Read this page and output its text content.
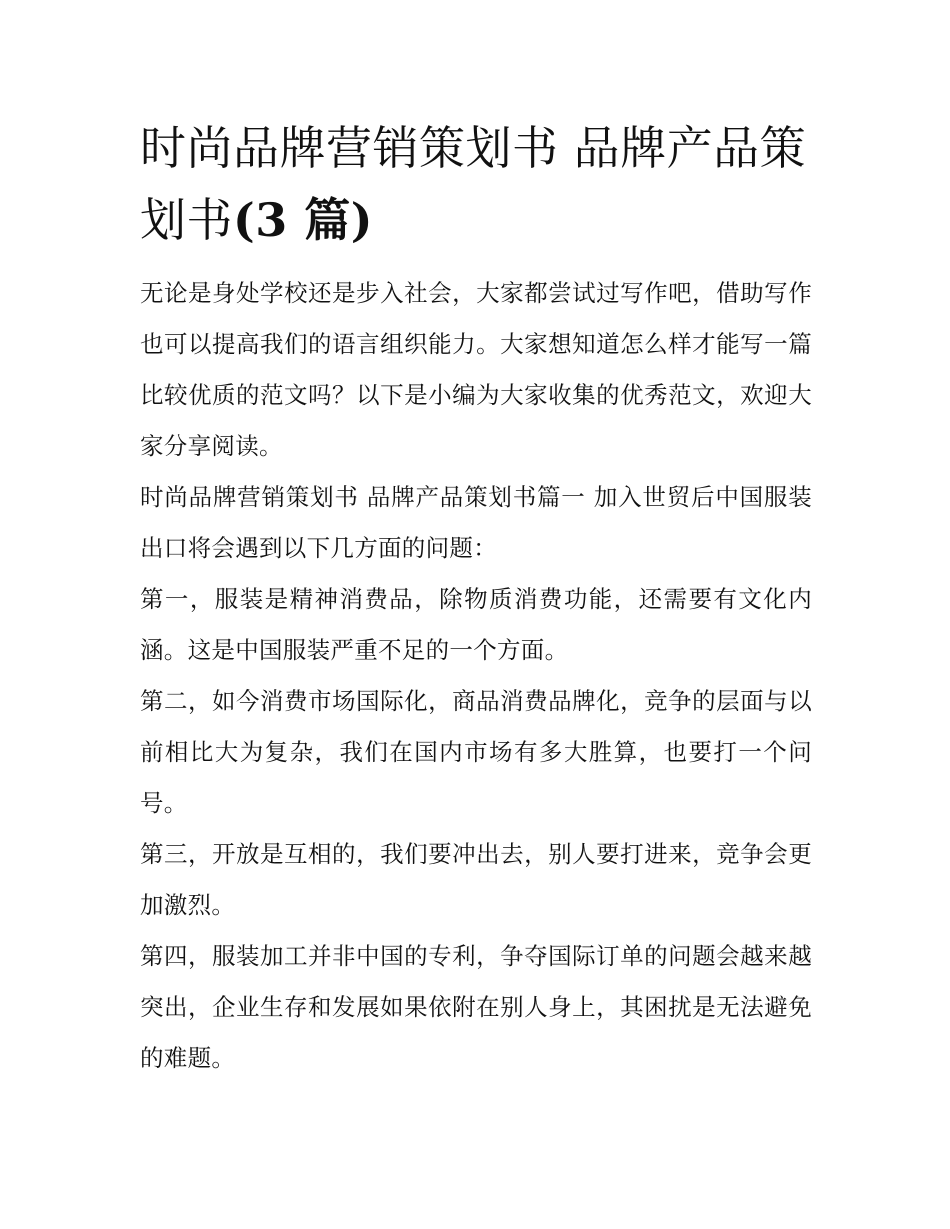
时尚品牌营销策划书 品牌产品策划书(3 篇)

无论是身处学校还是步入社会，大家都尝试过写作吧，借助写作也可以提高我们的语言组织能力。大家想知道怎么样才能写一篇比较优质的范文吗？以下是小编为大家收集的优秀范文，欢迎大家分享阅读。

时尚品牌营销策划书 品牌产品策划书篇一 加入世贸后中国服装出口将会遇到以下几方面的问题：

第一，服装是精神消费品，除物质消费功能，还需要有文化内涵。这是中国服装严重不足的一个方面。

第二，如今消费市场国际化，商品消费品牌化，竞争的层面与以前相比大为复杂，我们在国内市场有多大胜算，也要打一个问号。

第三，开放是互相的，我们要冲出去，别人要打进来，竞争会更加激烈。

第四，服装加工并非中国的专利，争夺国际订单的问题会越来越突出，企业生存和发展如果依附在别人身上，其困扰是无法避免的难题。
